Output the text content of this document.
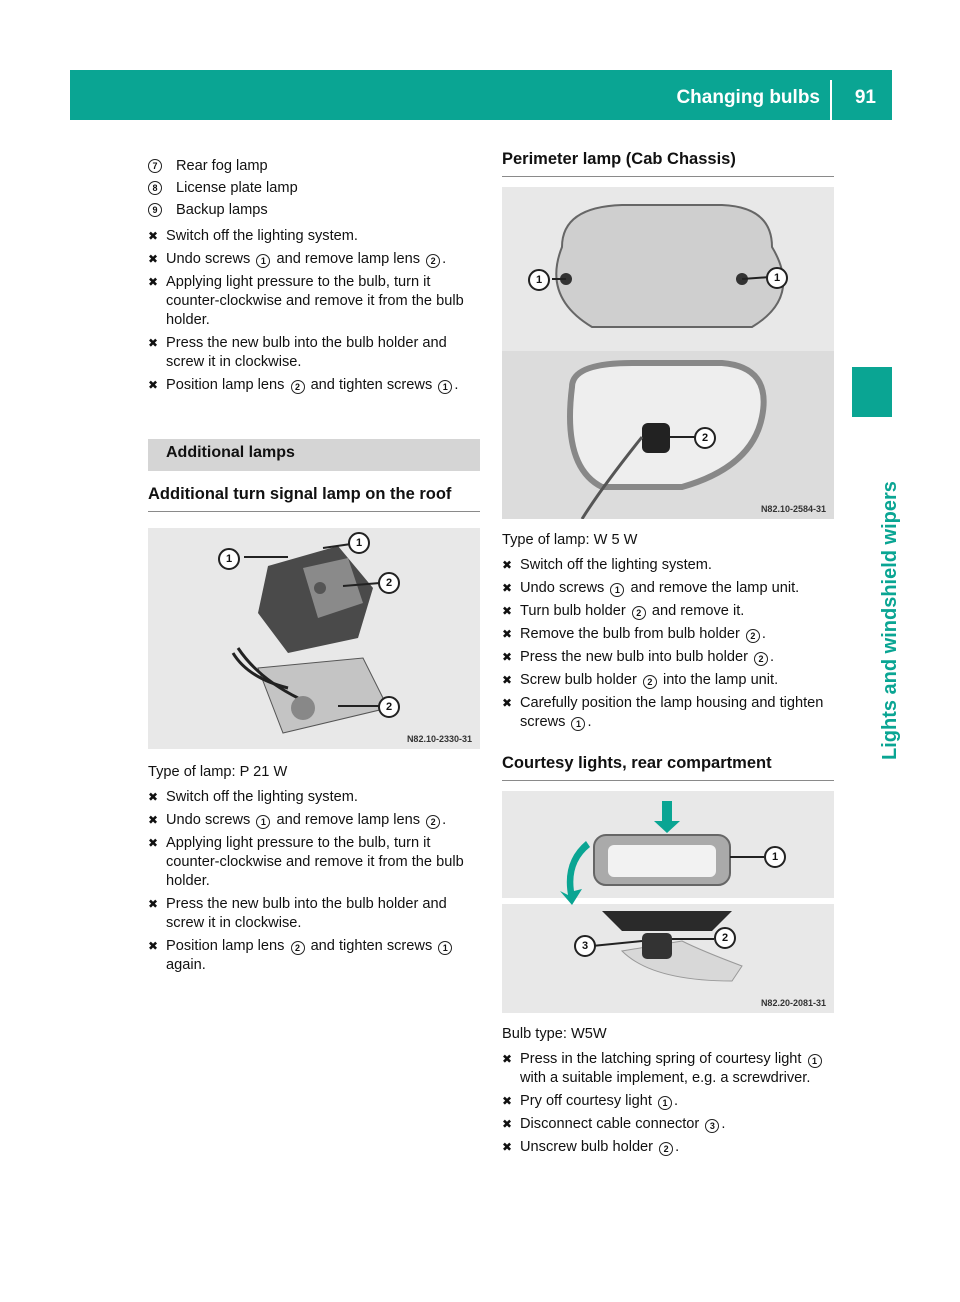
Changing bulbs 91
Lights and windshield wipers
7	Rear fog lamp
8	License plate lamp
9	Backup lamps
✖ Switch off the lighting system.
✖ Undo screws 1 and remove lamp lens 2 .
✖ Applying light pressure to the bulb, turn it counter-clockwise and remove it from the bulb holder.
✖ Press the new bulb into the bulb holder and screw it in clockwise.
✖ Position lamp lens 2 and tighten screws 1 .
Additional lamps
Additional turn signal lamp on the roof
1
1
2
2
N82.10-2330-31
Type of lamp: P 21 W
✖ Switch off the lighting system.
✖ Undo screws 1 and remove lamp lens 2 .
✖ Applying light pressure to the bulb, turn it counter-clockwise and remove it from the bulb holder.
✖ Press the new bulb into the bulb holder and screw it in clockwise.
✖ Position lamp lens 2 and tighten screws 1 again.
Perimeter lamp (Cab Chassis)
1	1
2
N82.10-2584-31
Type of lamp: W 5 W
✖ Switch off the lighting system.
✖ Undo screws 1 and remove the lamp unit.
✖ Turn bulb holder 2 and remove it.
✖ Remove the bulb from bulb holder 2 .
✖ Press the new bulb into bulb holder 2 .
✖ Screw bulb holder 2 into the lamp unit.
✖ Carefully position the lamp housing and tighten screws 1 .
Courtesy lights, rear compartment
1
2
3
N82.20-2081-31
Bulb type: W5W
✖ Press in the latching spring of courtesy light 1 with a suitable implement, e.g. a screwdriver.
✖ Pry off courtesy light 1 .
✖ Disconnect cable connector 3 .
✖ Unscrew bulb holder 2 .
